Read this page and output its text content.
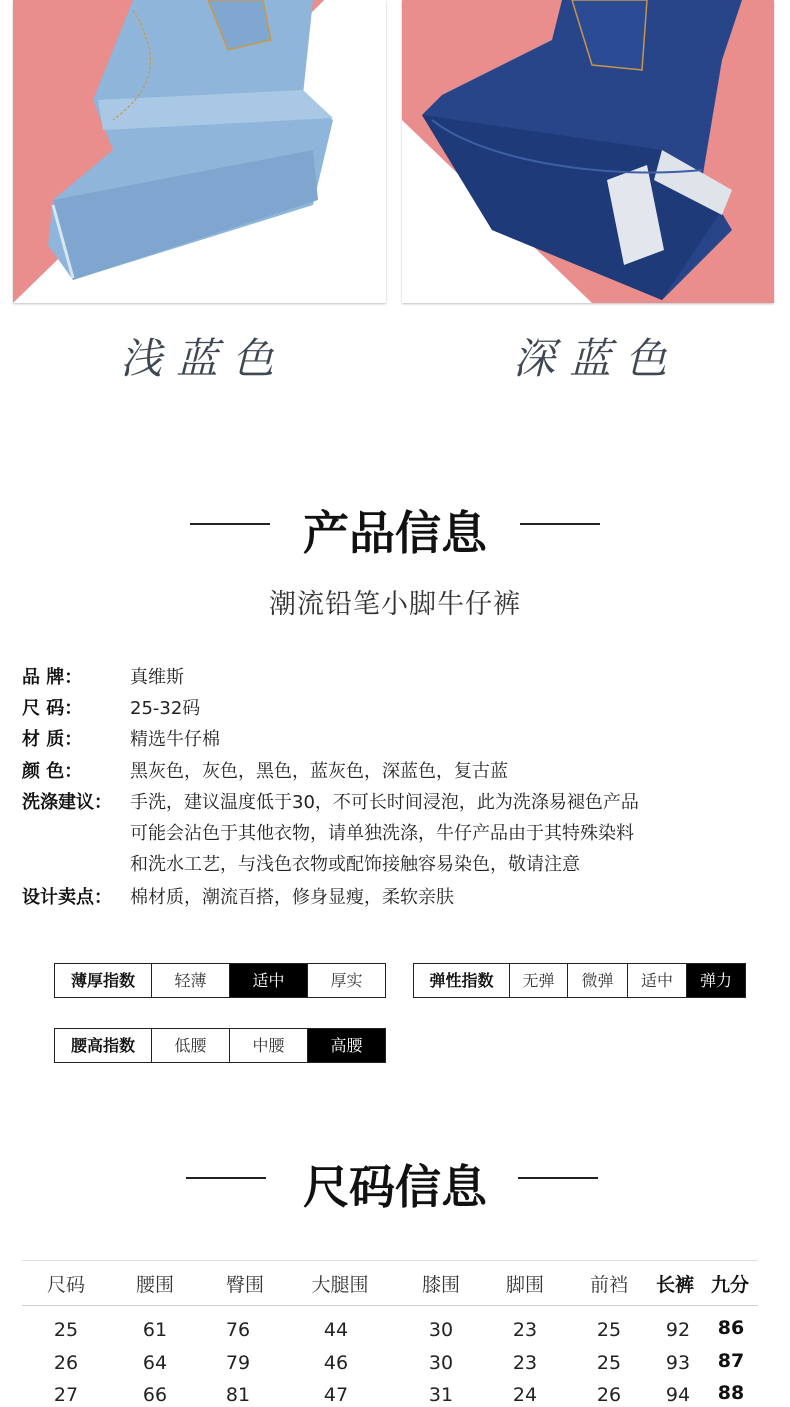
浅蓝色	深蓝色
产品信息
潮流铅笔小脚牛仔裤
品 牌：	真维斯
尺 码：	25-32码
材 质：	精选牛仔棉
颜 色：	黑灰色，灰色，黑色，蓝灰色，深蓝色，复古蓝
洗涤建议：	手洗，建议温度低于30，不可长时间浸泡，此为洗涤易褪色产品
可能会沾色于其他衣物，请单独洗涤，牛仔产品由于其特殊染料
和洗水工艺，与浅色衣物或配饰接触容易染色，敬请注意
设计卖点：	棉材质，潮流百搭，修身显瘦，柔软亲肤
薄厚指数	轻薄	适中	厚实	弹性指数	无弹	微弹	适中	弹力
腰高指数	低腰	中腰	高腰
尺码信息
尺码	腰围	臀围 大腿围	膝围 脚围 前裆 长裤 九分
25	61	76	44	30	23	25 92 86
26	64	79	46	30	23	25 93 87
27	66	81	47	31	24	26 94 88
